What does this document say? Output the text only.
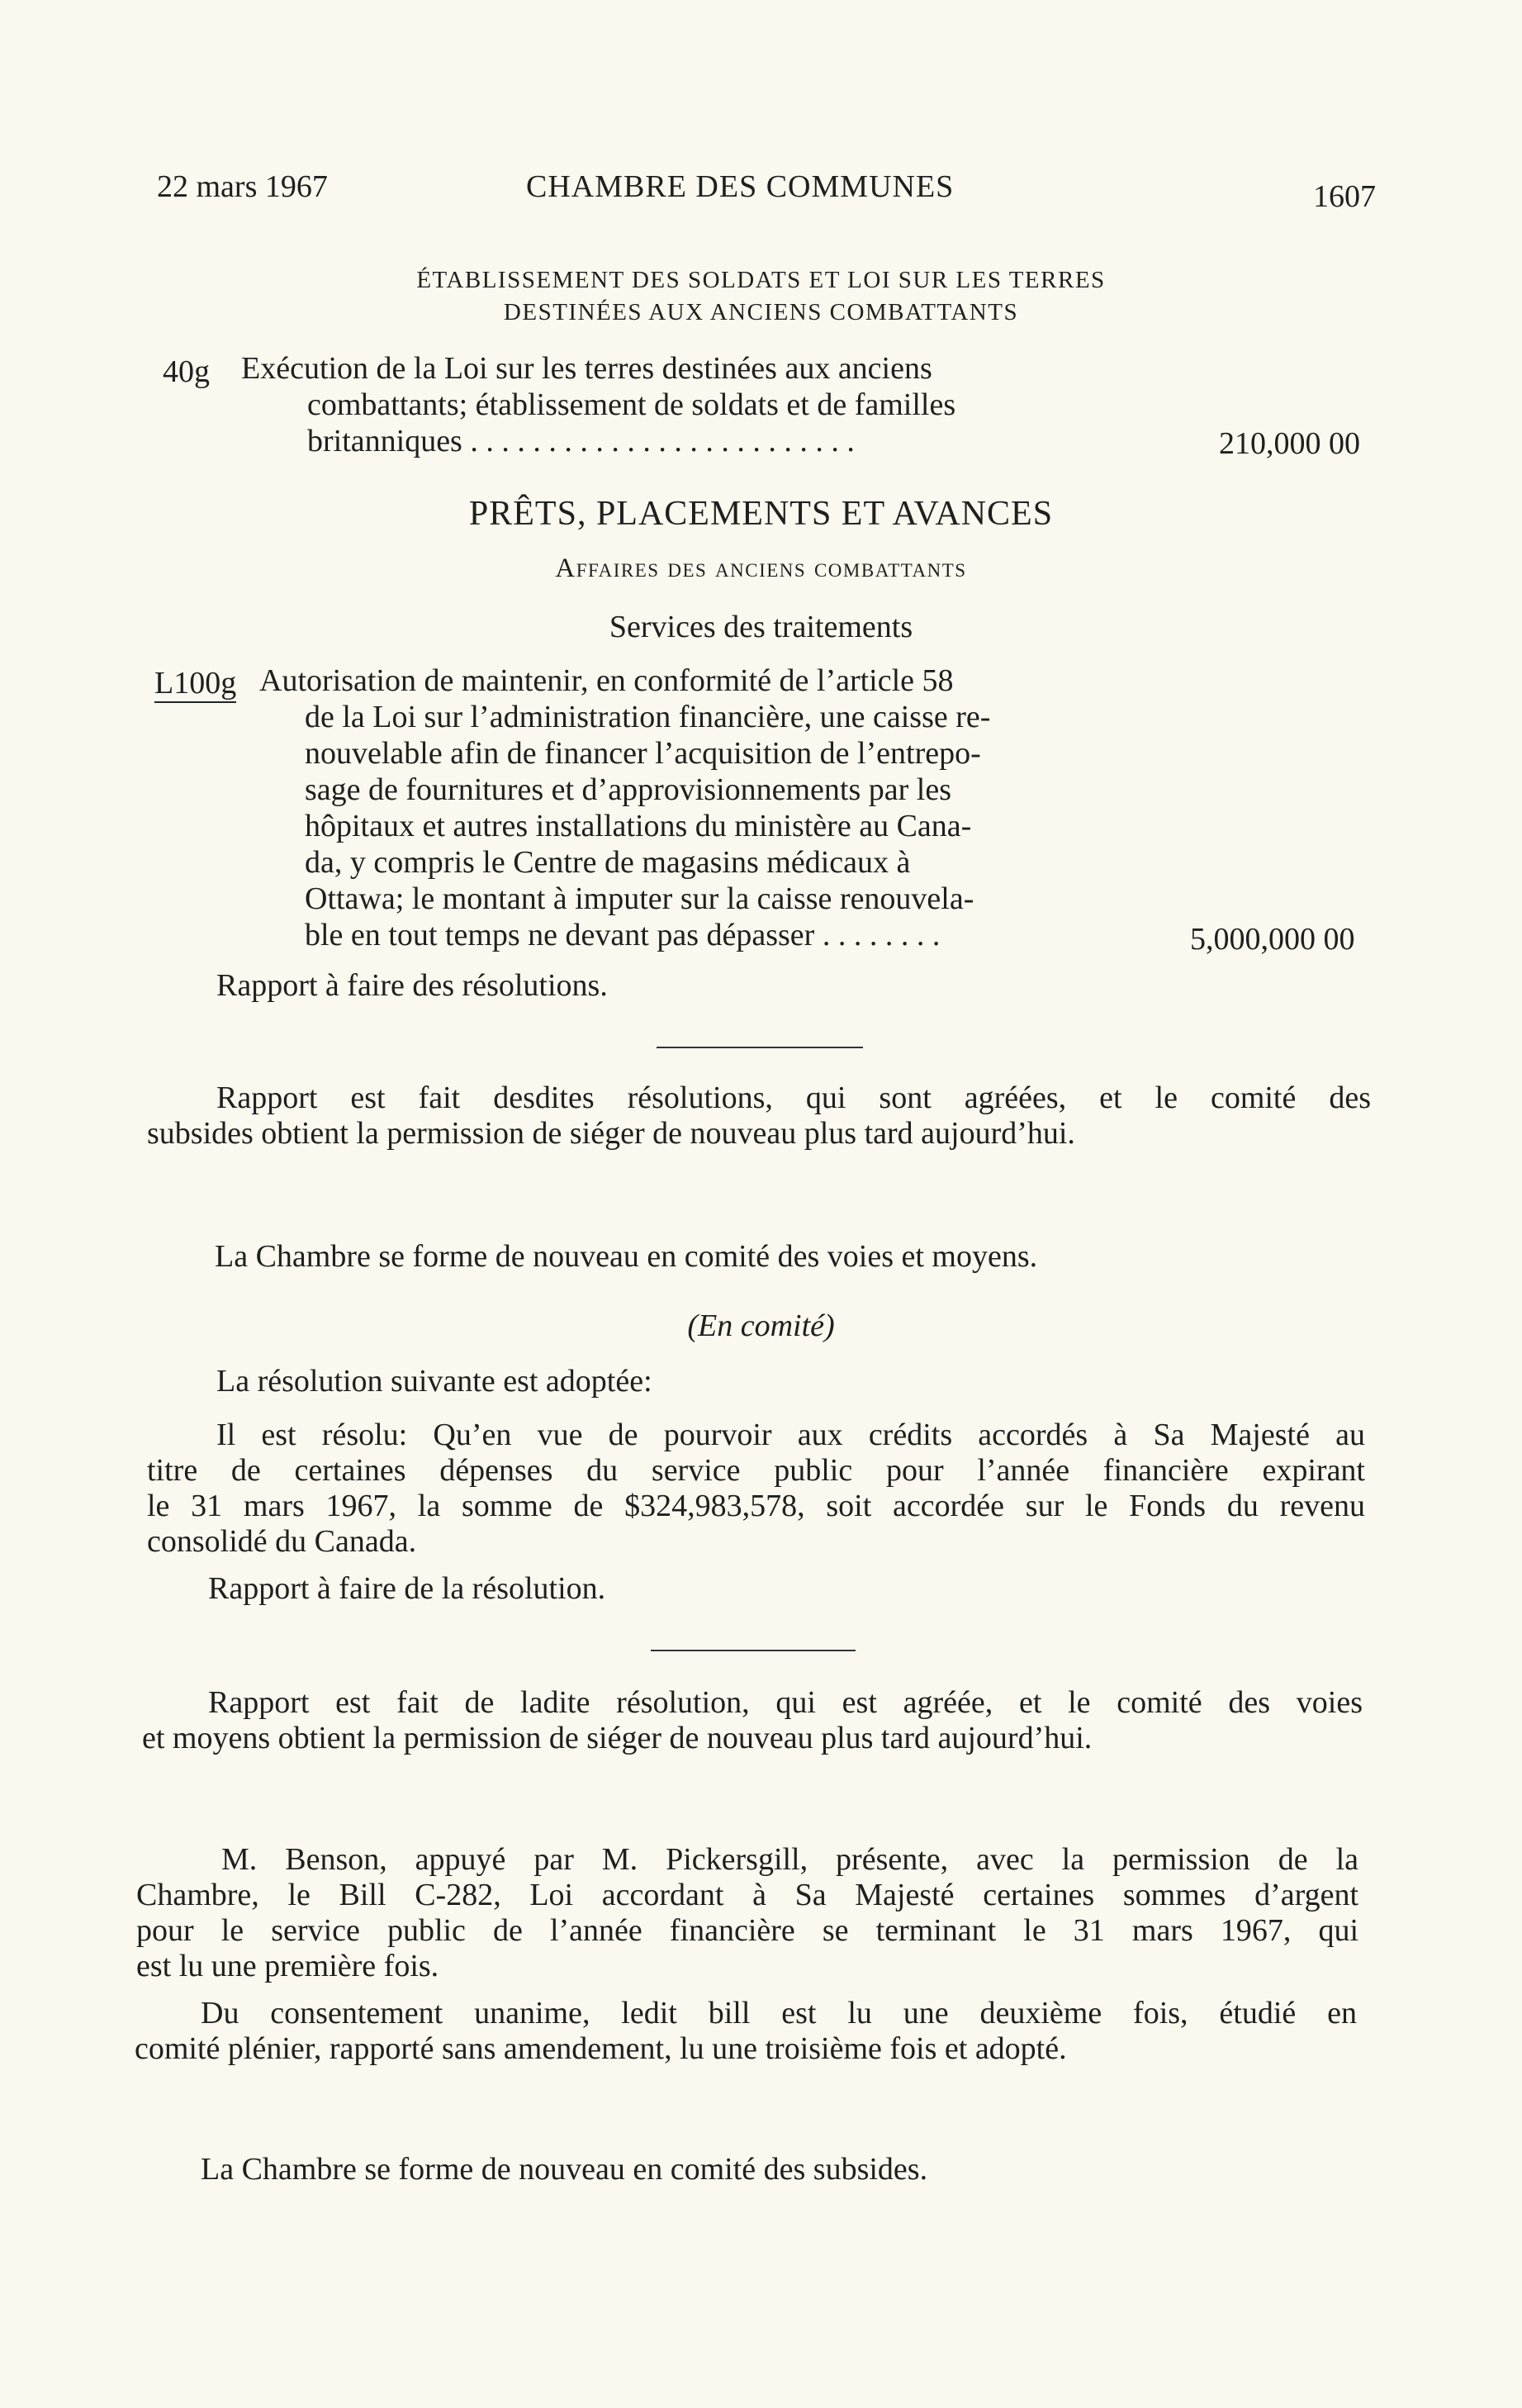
22 mars 1967	CHAMBRE DES COMMUNES	1607
ÉTABLISSEMENT DES SOLDATS ET LOI SUR LES TERRES
DESTINÉES AUX ANCIENS COMBATTANTS
40g Exécution de la Loi sur les terres destinées aux anciens
combattants; établissement de soldats et de familles
britanniques . . . . . . . . . . . . . . . . . . . . . . . . .	210,000 00
PRÊTS, PLACEMENTS ET AVANCES
Affaires des anciens combattants
Services des traitements
L100g Autorisation de maintenir, en conformité de l’article 58
de la Loi sur l’administration financière, une caisse re-
nouvelable afin de financer l’acquisition de l’entrepo-
sage de fournitures et d’approvisionnements par les
hôpitaux et autres installations du ministère au Cana-
da, y compris le Centre de magasins médicaux à
Ottawa; le montant à imputer sur la caisse renouvela-
ble en tout temps ne devant pas dépasser . . . . . . . .	5,000,000 00
Rapport à faire des résolutions.
Rapport est fait desdites résolutions, qui sont agréées, et le comité des
subsides obtient la permission de siéger de nouveau plus tard aujourd’hui.
La Chambre se forme de nouveau en comité des voies et moyens.
(En comité)
La résolution suivante est adoptée:
Il est résolu: Qu’en vue de pourvoir aux crédits accordés à Sa Majesté au
titre de certaines dépenses du service public pour l’année financière expirant
le 31 mars 1967, la somme de $324,983,578, soit accordée sur le Fonds du revenu
consolidé du Canada.
Rapport à faire de la résolution.
Rapport est fait de ladite résolution, qui est agréée, et le comité des voies
et moyens obtient la permission de siéger de nouveau plus tard aujourd’hui.
M. Benson, appuyé par M. Pickersgill, présente, avec la permission de la
Chambre, le Bill C-282, Loi accordant à Sa Majesté certaines sommes d’argent
pour le service public de l’année financière se terminant le 31 mars 1967, qui
est lu une première fois.
Du consentement unanime, ledit bill est lu une deuxième fois, étudié en
comité plénier, rapporté sans amendement, lu une troisième fois et adopté.
La Chambre se forme de nouveau en comité des subsides.
